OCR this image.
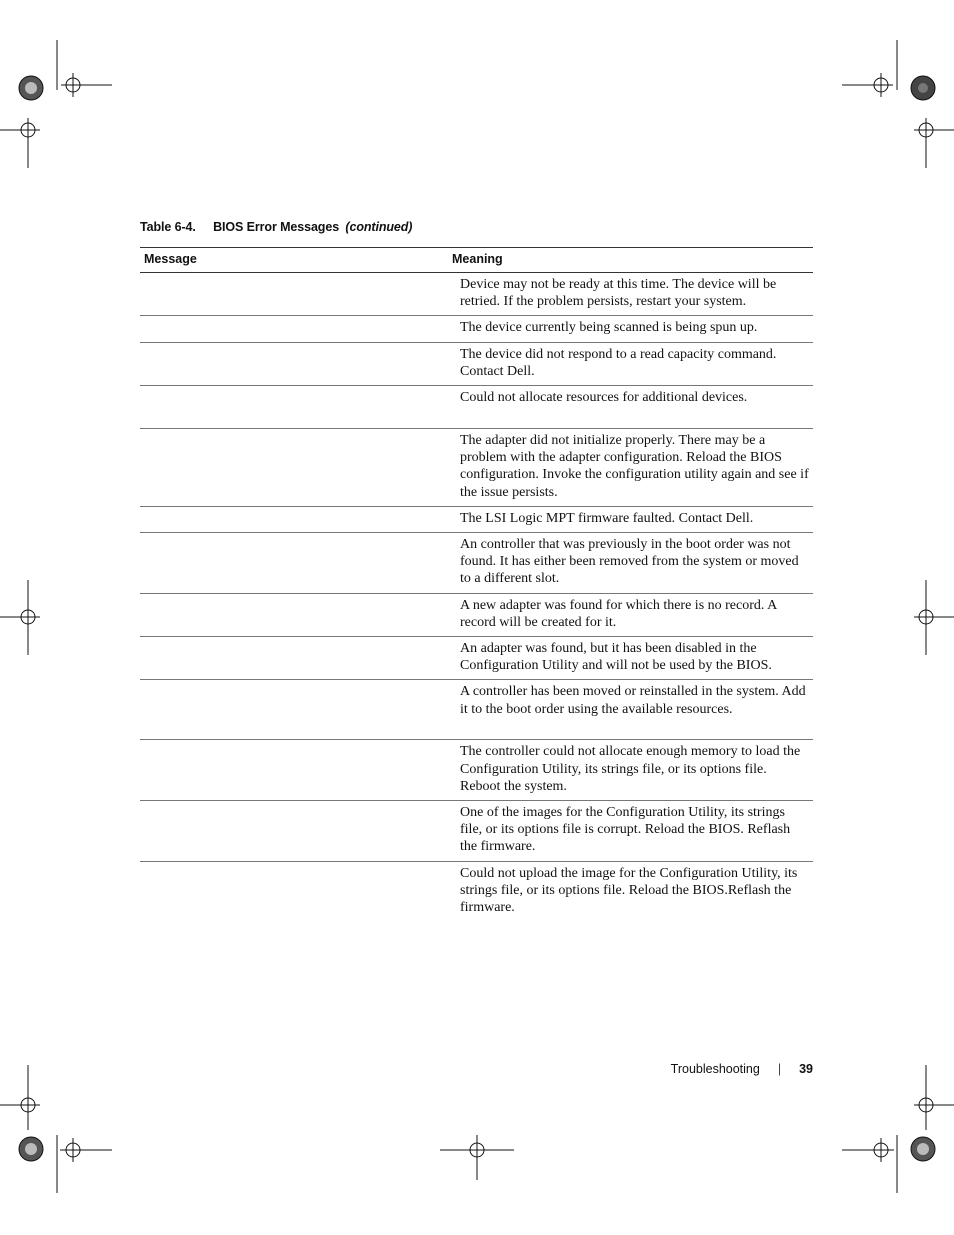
Table 6-4. BIOS Error Messages (continued)
Message	Meaning
	Device may not be ready at this time. The device will be retried. If the problem persists, restart your system.
	The device currently being scanned is being spun up.
	The device did not respond to a read capacity command. Contact Dell.
	Could not allocate resources for additional devices.
	The adapter did not initialize properly. There may be a problem with the adapter configuration. Reload the BIOS configuration. Invoke the configuration utility again and see if the issue persists.
	The LSI Logic MPT firmware faulted. Contact Dell.
	An controller that was previously in the boot order was not found. It has either been removed from the system or moved to a different slot.
	A new adapter was found for which there is no record. A record will be created for it.
	An adapter was found, but it has been disabled in the Configuration Utility and will not be used by the BIOS.
	A controller has been moved or reinstalled in the system. Add it to the boot order using the available resources.
	The controller could not allocate enough memory to load the Configuration Utility, its strings file, or its options file. Reboot the system.
	One of the images for the Configuration Utility, its strings file, or its options file is corrupt. Reload the BIOS. Reflash the firmware.
	Could not upload the image for the Configuration Utility, its strings file, or its options file. Reload the BIOS.Reflash the firmware.
Troubleshooting | 39
